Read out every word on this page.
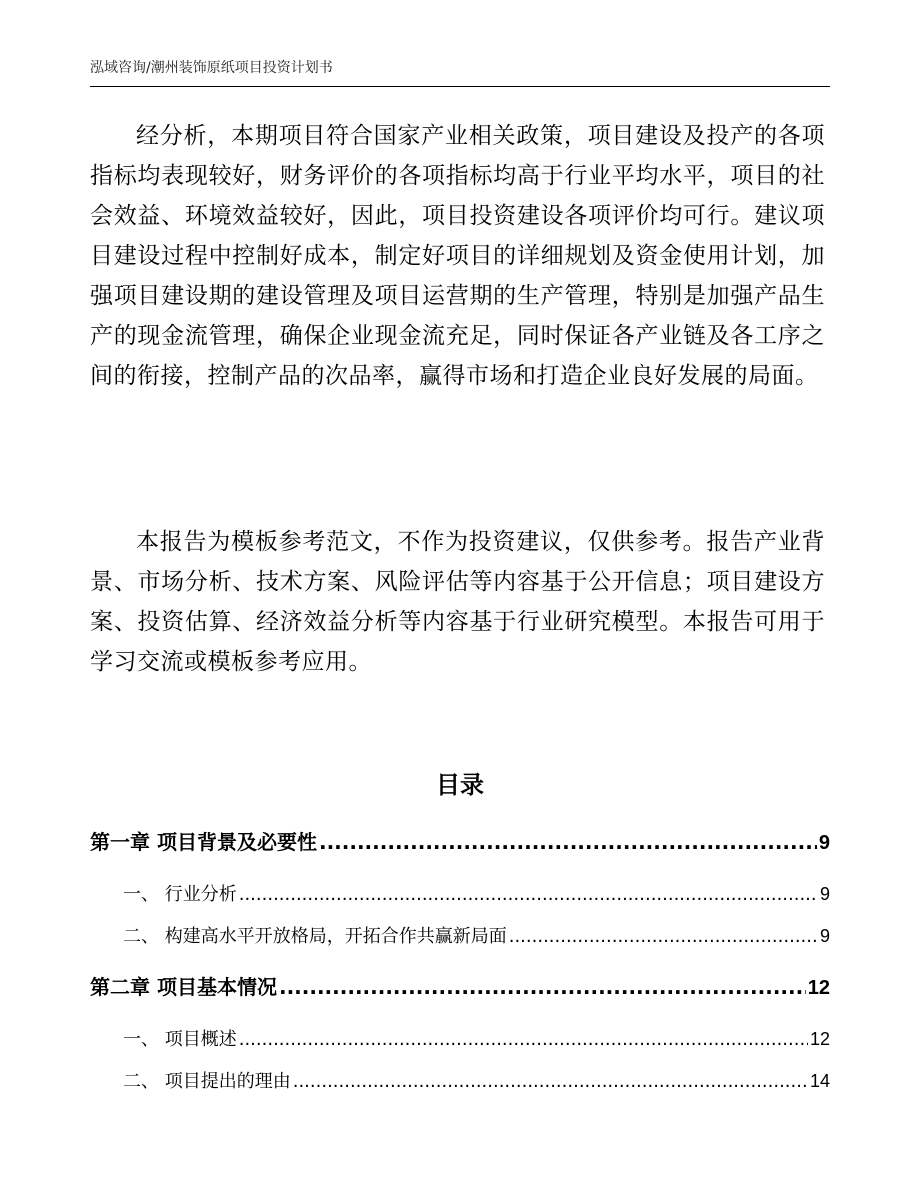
泓域咨询/潮州装饰原纸项目投资计划书

经分析，本期项目符合国家产业相关政策，项目建设及投产的各项指标均表现较好，财务评价的各项指标均高于行业平均水平，项目的社会效益、环境效益较好，因此，项目投资建设各项评价均可行。建议项目建设过程中控制好成本，制定好项目的详细规划及资金使用计划，加强项目建设期的建设管理及项目运营期的生产管理，特别是加强产品生产的现金流管理，确保企业现金流充足，同时保证各产业链及各工序之间的衔接，控制产品的次品率，赢得市场和打造企业良好发展的局面。

本报告为模板参考范文，不作为投资建议，仅供参考。报告产业背景、市场分析、技术方案、风险评估等内容基于公开信息；项目建设方案、投资估算、经济效益分析等内容基于行业研究模型。本报告可用于学习交流或模板参考应用。

目录
第一章 项目背景及必要性 .....	9
一、 行业分析 .....	9
二、 构建高水平开放格局，开拓合作共赢新局面 .....	9
第二章 项目基本情况 .....	12
一、 项目概述 .....	12
二、 项目提出的理由 .....	14
